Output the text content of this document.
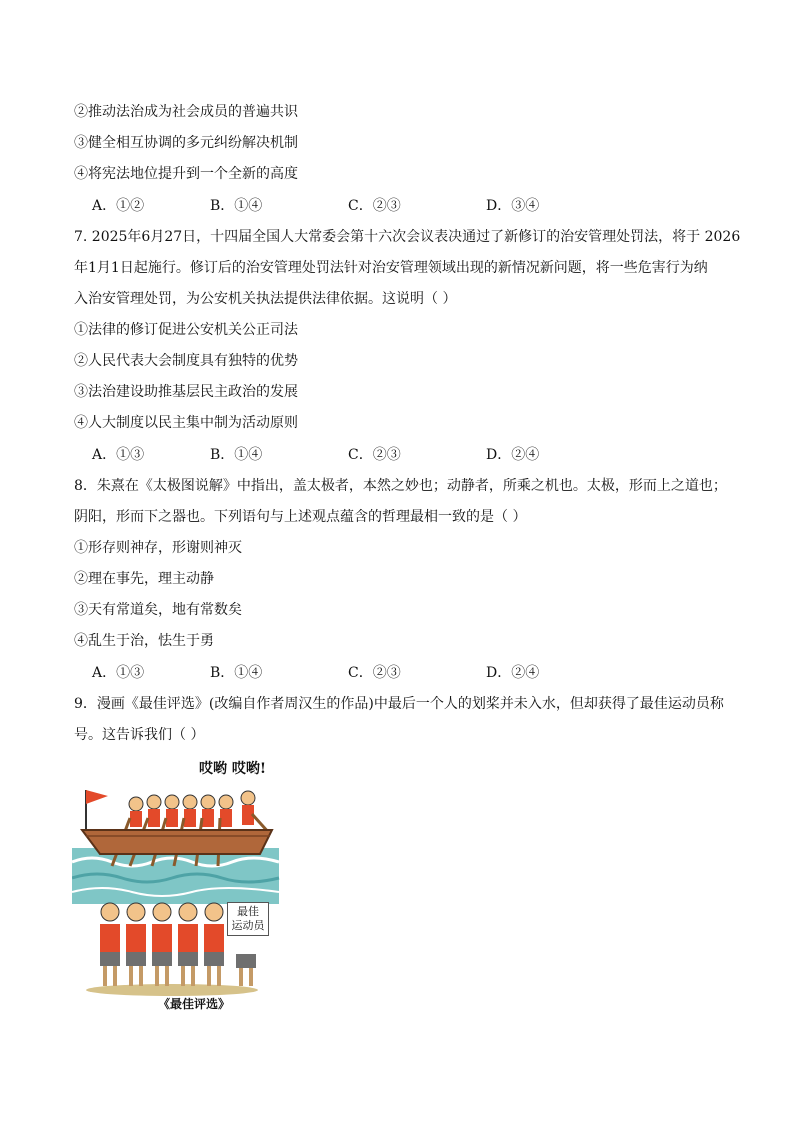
②推动法治成为社会成员的普遍共识
③健全相互协调的多元纠纷解决机制
④将宪法地位提升到一个全新的高度
A．①②	B．①④	C．②③	D．③④
7. 2025年6月27日，十四届全国人大常委会第十六次会议表决通过了新修订的治安管理处罚法，将于 2026
年1月1日起施行。修订后的治安管理处罚法针对治安管理领域出现的新情况新问题，将一些危害行为纳
入治安管理处罚，为公安机关执法提供法律依据。这说明（ ）
①法律的修订促进公安机关公正司法
②人民代表大会制度具有独特的优势
③法治建设助推基层民主政治的发展
④人大制度以民主集中制为活动原则
A．①③	B．①④	C．②③	D．②④
8．朱熹在《太极图说解》中指出，盖太极者，本然之妙也；动静者，所乘之机也。太极，形而上之道也；
阴阳，形而下之器也。下列语句与上述观点蕴含的哲理最相一致的是（ ）
①形存则神存，形谢则神灭
②理在事先，理主动静
③天有常道矣，地有常数矣
④乱生于治，怯生于勇
A．①③	B．①④	C．②③	D．②④
9．漫画《最佳评选》(改编自作者周汉生的作品)中最后一个人的划桨并未入水，但却获得了最佳运动员称
号。这告诉我们（ ）
哎哟 哎哟!
最佳
运动员
《最佳评选》
